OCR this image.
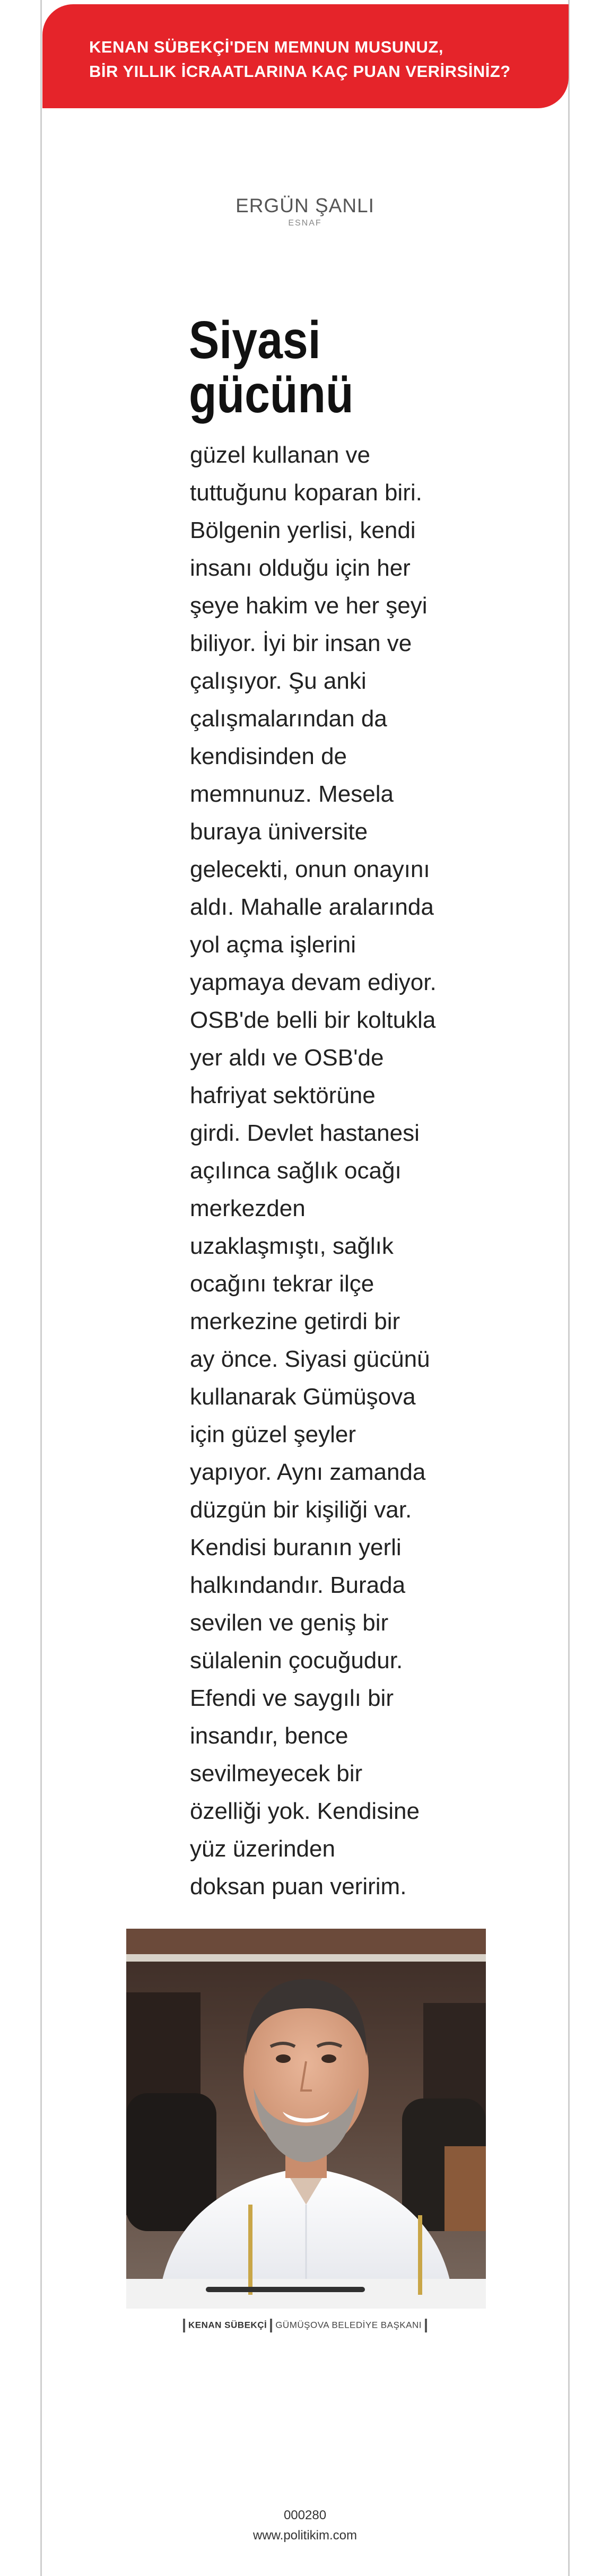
KENAN SÜBEKÇİ'DEN MEMNUN MUSUNUZ,
BİR YILLIK İCRAATLARINA KAÇ PUAN VERİRSİNİZ?
ERGÜN ŞANLI
ESNAF
Siyasi
gücünü

güzel kullanan ve
tuttuğunu koparan biri.
Bölgenin yerlisi, kendi
insanı olduğu için her
şeye hakim ve her şeyi
biliyor. İyi bir insan ve
çalışıyor. Şu anki
çalışmalarından da
kendisinden de
memnunuz. Mesela
buraya üniversite
gelecekti, onun onayını
aldı. Mahalle aralarında
yol açma işlerini
yapmaya devam ediyor.
OSB'de belli bir koltukla
yer aldı ve OSB'de
hafriyat sektörüne
girdi. Devlet hastanesi
açılınca sağlık ocağı
merkezden
uzaklaşmıştı, sağlık
ocağını tekrar ilçe
merkezine getirdi bir
ay önce. Siyasi gücünü
kullanarak Gümüşova
için güzel şeyler
yapıyor. Aynı zamanda
düzgün bir kişiliği var.
Kendisi buranın yerli
halkındandır. Burada
sevilen ve geniş bir
sülalenin çocuğudur.
Efendi ve saygılı bir
insandır, bence
sevilmeyecek bir
özelliği yok. Kendisine
yüz üzerinden
doksan puan veririm.

KENAN SÜBEKÇİ GÜMÜŞOVA BELEDİYE BAŞKANI
000280
www.politikim.com
